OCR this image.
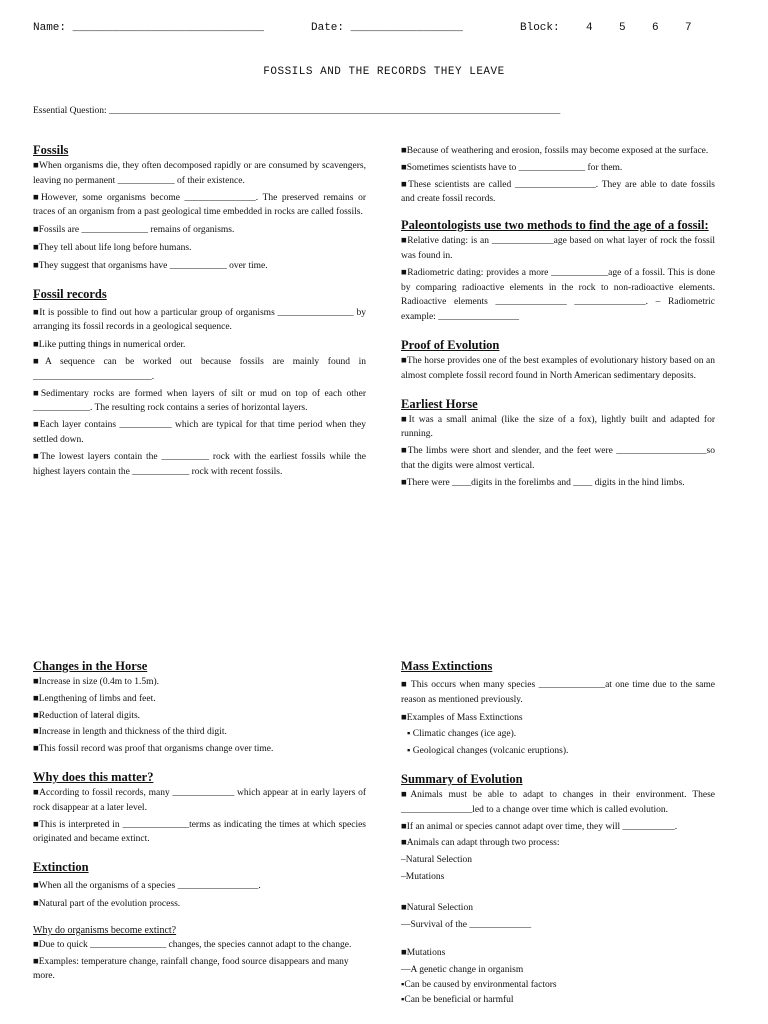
Name: _____________________________

	Date: _________________

	Block:    4    5    6    7

FOSSILS AND THE RECORDS THEY LEAVE
Essential Question: _______________________________________________________________________________________________
Fossils

■When organisms die, they often decomposed rapidly or are consumed by scavengers, leaving no permanent ____________ of their existence.

■However, some organisms become _______________. The preserved remains or traces of an organism from a past geological time embedded in rocks are called fossils.

■Fossils are ______________ remains of organisms.

■They tell about life long before humans.

■They suggest that organisms have ____________ over time.

Fossil records

■It is possible to find out how a particular group of organisms ________________ by arranging its fossil records in a geological sequence.

■Like putting things in numerical order.

■A sequence can be worked out because fossils are mainly found in _________________________.

■Sedimentary rocks are formed when layers of silt or mud on top of each other ____________. The resulting rock contains a series of horizontal layers.

■Each layer contains ___________ which are typical for that time period when they settled down.

■The lowest layers contain the __________ rock with the earliest fossils while the highest layers contain the ____________ rock with recent fossils.

■Because of weathering and erosion, fossils may become exposed at the surface.

■Sometimes scientists have to ______________ for them.

■These scientists are called _________________. They are able to date fossils and create fossil records.

Paleontologists use two methods to find the age of a fossil:

■Relative dating: is an _____________age based on what layer of rock the fossil was found in.

■Radiometric dating: provides a more ____________age of a fossil. This is done by comparing radioactive elements in the rock to non-radioactive elements. Radioactive elements _______________ _______________. – Radiometric example: _________________

Proof of Evolution

■The horse provides one of the best examples of evolutionary history based on an almost complete fossil record found in North American sedimentary deposits.

Earliest Horse

■It was a small animal (like the size of a fox), lightly built and adapted for running.

■The limbs were short and slender, and the feet were ___________________so that the digits were almost vertical.

■There were ____digits in the forelimbs and ____ digits in the hind limbs.

Changes in the Horse

■Increase in size (0.4m to 1.5m).

■Lengthening of limbs and feet.

■Reduction of lateral digits.

■Increase in length and thickness of the third digit.

■This fossil record was proof that organisms change over time.

Why does this matter?

■According to fossil records, many _____________ which appear at in early layers of rock disappear at a later level.

■This is interpreted in ______________terms as indicating the times at which species originated and became extinct.

Extinction

■When all the organisms of a species _________________.

■Natural part of the evolution process.

Why do organisms become extinct?

■Due to quick ________________ changes, the species cannot adapt to the change.

■Examples: temperature change, rainfall change, food source disappears and many more.

Mass Extinctions

■ This occurs when many species ______________at one time due to the same reason as mentioned previously.

■Examples of Mass Extinctions

▪ Climatic changes (ice age).

▪ Geological changes (volcanic eruptions).

Summary of Evolution

■Animals must be able to adapt to changes in their environment. These _______________led to a change over time which is called evolution.

■If an animal or species cannot adapt over time, they will ___________.

■Animals can adapt through two process:

–Natural Selection

–Mutations

■Natural Selection

—Survival of the _____________

■Mutations

—A genetic change in organism

▪Can be caused by environmental factors

▪Can be beneficial or harmful
